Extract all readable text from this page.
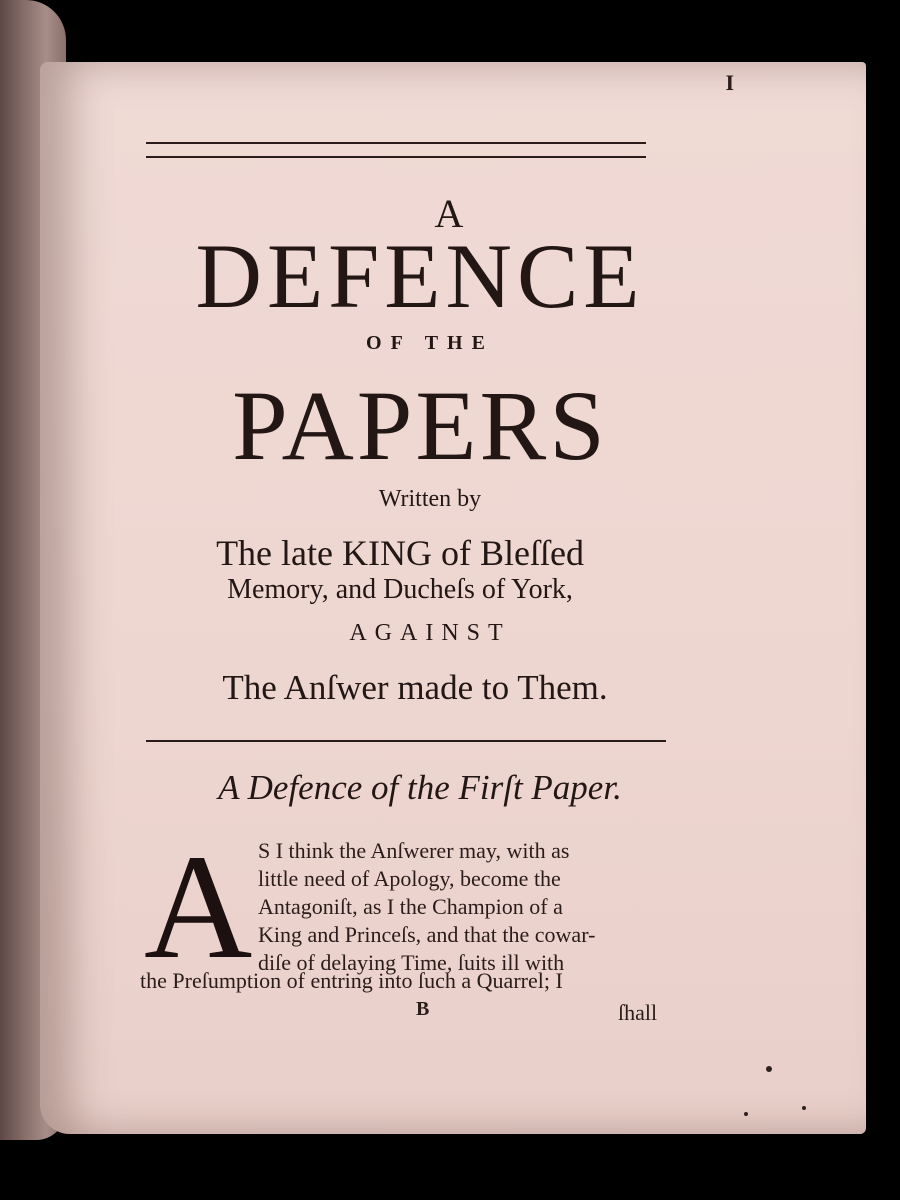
I
A
DEFENCE
OF THE
PAPERS
Written by
The late KING of Bleſſed
Memory, and Ducheſs of York,
AGAINST
The Anſwer made to Them.
A Defence of the Firſt Paper.
A S I think the Anſwerer may, with as
little need of Apology, become the
Antagoniſt, as I the Champion of a
King and Princeſs, and that the cowar-
diſe of delaying Time, ſuits ill with
the Preſumption of entring into ſuch a Quarrel; I
B	ſhall
